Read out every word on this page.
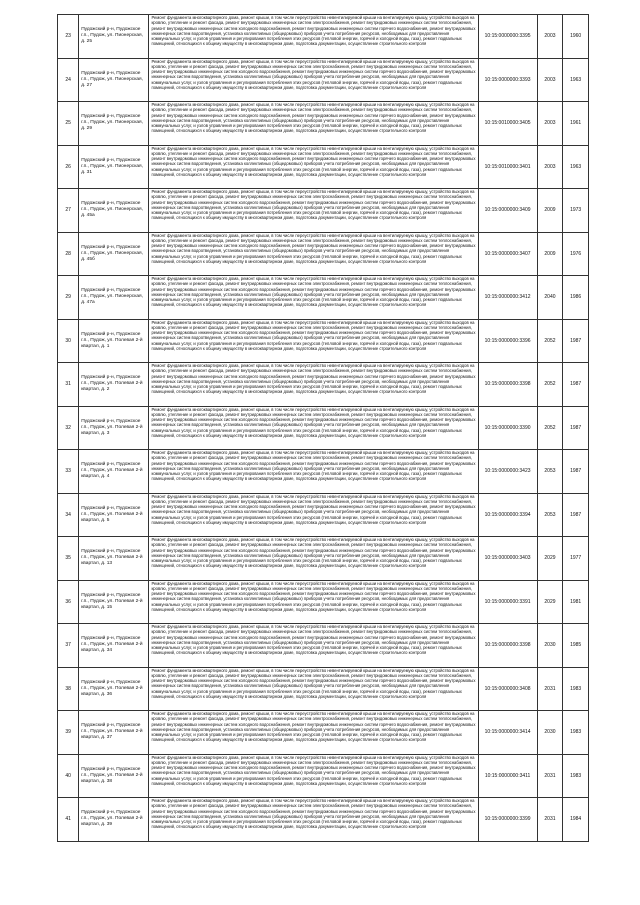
23	Пудожский р-н, Пудожское г.п., Пудож, ул. Пионерская, д. 25	Ремонт фундамента многоквартирного дома, ремонт крыши, в том числе переустройство невентилируемой крыши на вентилируемую крышу, устройство выходов на кровлю, утепление и ремонт фасада, ремонт внутридомовых инженерных систем электроснабжения, ремонт внутридомовых инженерных систем теплоснабжения, ремонт внутридомовых инженерных систем холодного водоснабжения, ремонт внутридомовых инженерных систем горячего водоснабжения, ремонт внутридомовых инженерных систем водоотведения, установка коллективных (общедомовых) приборов учета потребления ресурсов, необходимых для предоставления коммунальных услуг, и узлов управления и регулирования потребления этих ресурсов (тепловой энергии, горячей и холодной воды, газа), ремонт подвальных помещений, относящихся к общему имуществу в многоквартирном доме, подготовка документации, осуществление строительного контроля	10:15:0000000:3395	2003	1960
24	Пудожский р-н, Пудожское г.п., Пудож, ул. Пионерская, д. 27	Ремонт фундамента многоквартирного дома, ремонт крыши, в том числе переустройство невентилируемой крыши на вентилируемую крышу, устройство выходов на кровлю, утепление и ремонт фасада, ремонт внутридомовых инженерных систем электроснабжения, ремонт внутридомовых инженерных систем теплоснабжения, ремонт внутридомовых инженерных систем холодного водоснабжения, ремонт внутридомовых инженерных систем горячего водоснабжения, ремонт внутридомовых инженерных систем водоотведения, установка коллективных (общедомовых) приборов учета потребления ресурсов, необходимых для предоставления коммунальных услуг, и узлов управления и регулирования потребления этих ресурсов (тепловой энергии, горячей и холодной воды, газа), ремонт подвальных помещений, относящихся к общему имуществу в многоквартирном доме, подготовка документации, осуществление строительного контроля	10:15:0000000:3393	2003	1963
25	Пудожский р-н, Пудожское г.п., Пудож, ул. Пионерская, д. 29	Ремонт фундамента многоквартирного дома, ремонт крыши, в том числе переустройство невентилируемой крыши на вентилируемую крышу, устройство выходов на кровлю, утепление и ремонт фасада, ремонт внутридомовых инженерных систем электроснабжения, ремонт внутридомовых инженерных систем теплоснабжения, ремонт внутридомовых инженерных систем холодного водоснабжения, ремонт внутридомовых инженерных систем горячего водоснабжения, ремонт внутридомовых инженерных систем водоотведения, установка коллективных (общедомовых) приборов учета потребления ресурсов, необходимых для предоставления коммунальных услуг, и узлов управления и регулирования потребления этих ресурсов (тепловой энергии, горячей и холодной воды, газа), ремонт подвальных помещений, относящихся к общему имуществу в многоквартирном доме, подготовка документации, осуществление строительного контроля	10:15:0010000:3405	2003	1961
26	Пудожский р-н, Пудожское г.п., Пудож, ул. Пионерская, д. 31	Ремонт фундамента многоквартирного дома, ремонт крыши, в том числе переустройство невентилируемой крыши на вентилируемую крышу, устройство выходов на кровлю, утепление и ремонт фасада, ремонт внутридомовых инженерных систем электроснабжения, ремонт внутридомовых инженерных систем теплоснабжения, ремонт внутридомовых инженерных систем холодного водоснабжения, ремонт внутридомовых инженерных систем горячего водоснабжения, ремонт внутридомовых инженерных систем водоотведения, установка коллективных (общедомовых) приборов учета потребления ресурсов, необходимых для предоставления коммунальных услуг, и узлов управления и регулирования потребления этих ресурсов (тепловой энергии, горячей и холодной воды, газа), ремонт подвальных помещений, относящихся к общему имуществу в многоквартирном доме, подготовка документации, осуществление строительного контроля	10:15:0010000:3401	2003	1963
27	Пудожский р-н, Пудожское г.п., Пудож, ул. Пионерская, д. 45а	Ремонт фундамента многоквартирного дома, ремонт крыши, в том числе переустройство невентилируемой крыши на вентилируемую крышу, устройство выходов на кровлю, утепление и ремонт фасада, ремонт внутридомовых инженерных систем электроснабжения, ремонт внутридомовых инженерных систем теплоснабжения, ремонт внутридомовых инженерных систем холодного водоснабжения, ремонт внутридомовых инженерных систем горячего водоснабжения, ремонт внутридомовых инженерных систем водоотведения, установка коллективных (общедомовых) приборов учета потребления ресурсов, необходимых для предоставления коммунальных услуг, и узлов управления и регулирования потребления этих ресурсов (тепловой энергии, горячей и холодной воды, газа), ремонт подвальных помещений, относящихся к общему имуществу в многоквартирном доме, подготовка документации, осуществление строительного контроля	10:15:0000000:3409	2009	1973
28	Пудожский р-н, Пудожское г.п., Пудож, ул. Пионерская, д. 45б	Ремонт фундамента многоквартирного дома, ремонт крыши, в том числе переустройство невентилируемой крыши на вентилируемую крышу, устройство выходов на кровлю, утепление и ремонт фасада, ремонт внутридомовых инженерных систем электроснабжения, ремонт внутридомовых инженерных систем теплоснабжения, ремонт внутридомовых инженерных систем холодного водоснабжения, ремонт внутридомовых инженерных систем горячего водоснабжения, ремонт внутридомовых инженерных систем водоотведения, установка коллективных (общедомовых) приборов учета потребления ресурсов, необходимых для предоставления коммунальных услуг, и узлов управления и регулирования потребления этих ресурсов (тепловой энергии, горячей и холодной воды, газа), ремонт подвальных помещений, относящихся к общему имуществу в многоквартирном доме, подготовка документации, осуществление строительного контроля	10:15:0000000:3407	2009	1976
29	Пудожский р-н, Пудожское г.п., Пудож, ул. Пионерская, д. 47а	Ремонт фундамента многоквартирного дома, ремонт крыши, в том числе переустройство невентилируемой крыши на вентилируемую крышу, устройство выходов на кровлю, утепление и ремонт фасада, ремонт внутридомовых инженерных систем электроснабжения, ремонт внутридомовых инженерных систем теплоснабжения, ремонт внутридомовых инженерных систем холодного водоснабжения, ремонт внутридомовых инженерных систем горячего водоснабжения, ремонт внутридомовых инженерных систем водоотведения, установка коллективных (общедомовых) приборов учета потребления ресурсов, необходимых для предоставления коммунальных услуг, и узлов управления и регулирования потребления этих ресурсов (тепловой энергии, горячей и холодной воды, газа), ремонт подвальных помещений, относящихся к общему имуществу в многоквартирном доме, подготовка документации, осуществление строительного контроля	10:15:0000000:3412	2040	1986
30	Пудожский р-н, Пудожское г.п., Пудож, ул. Полевая 2-й квартал, д. 1	Ремонт фундамента многоквартирного дома, ремонт крыши, в том числе переустройство невентилируемой крыши на вентилируемую крышу, устройство выходов на кровлю, утепление и ремонт фасада, ремонт внутридомовых инженерных систем электроснабжения, ремонт внутридомовых инженерных систем теплоснабжения, ремонт внутридомовых инженерных систем холодного водоснабжения, ремонт внутридомовых инженерных систем горячего водоснабжения, ремонт внутридомовых инженерных систем водоотведения, установка коллективных (общедомовых) приборов учета потребления ресурсов, необходимых для предоставления коммунальных услуг, и узлов управления и регулирования потребления этих ресурсов (тепловой энергии, горячей и холодной воды, газа), ремонт подвальных помещений, относящихся к общему имуществу в многоквартирном доме, подготовка документации, осуществление строительного контроля	10:15:0000000:3396	2052	1987
31	Пудожский р-н, Пудожское г.п., Пудож, ул. Полевая 2-й квартал, д. 2	Ремонт фундамента многоквартирного дома, ремонт крыши, в том числе переустройство невентилируемой крыши на вентилируемую крышу, устройство выходов на кровлю, утепление и ремонт фасада, ремонт внутридомовых инженерных систем электроснабжения, ремонт внутридомовых инженерных систем теплоснабжения, ремонт внутридомовых инженерных систем холодного водоснабжения, ремонт внутридомовых инженерных систем горячего водоснабжения, ремонт внутридомовых инженерных систем водоотведения, установка коллективных (общедомовых) приборов учета потребления ресурсов, необходимых для предоставления коммунальных услуг, и узлов управления и регулирования потребления этих ресурсов (тепловой энергии, горячей и холодной воды, газа), ремонт подвальных помещений, относящихся к общему имуществу в многоквартирном доме, подготовка документации, осуществление строительного контроля	10:15:0000000:3398	2052	1987
32	Пудожский р-н, Пудожское г.п., Пудож, ул. Полевая 2-й квартал, д. 3	Ремонт фундамента многоквартирного дома, ремонт крыши, в том числе переустройство невентилируемой крыши на вентилируемую крышу, устройство выходов на кровлю, утепление и ремонт фасада, ремонт внутридомовых инженерных систем электроснабжения, ремонт внутридомовых инженерных систем теплоснабжения, ремонт внутридомовых инженерных систем холодного водоснабжения, ремонт внутридомовых инженерных систем горячего водоснабжения, ремонт внутридомовых инженерных систем водоотведения, установка коллективных (общедомовых) приборов учета потребления ресурсов, необходимых для предоставления коммунальных услуг, и узлов управления и регулирования потребления этих ресурсов (тепловой энергии, горячей и холодной воды, газа), ремонт подвальных помещений, относящихся к общему имуществу в многоквартирном доме, подготовка документации, осуществление строительного контроля	10:15:0000000:3390	2052	1987
33	Пудожский р-н, Пудожское г.п., Пудож, ул. Полевая 2-й квартал, д. 4	Ремонт фундамента многоквартирного дома, ремонт крыши, в том числе переустройство невентилируемой крыши на вентилируемую крышу, устройство выходов на кровлю, утепление и ремонт фасада, ремонт внутридомовых инженерных систем электроснабжения, ремонт внутридомовых инженерных систем теплоснабжения, ремонт внутридомовых инженерных систем холодного водоснабжения, ремонт внутридомовых инженерных систем горячего водоснабжения, ремонт внутридомовых инженерных систем водоотведения, установка коллективных (общедомовых) приборов учета потребления ресурсов, необходимых для предоставления коммунальных услуг, и узлов управления и регулирования потребления этих ресурсов (тепловой энергии, горячей и холодной воды, газа), ремонт подвальных помещений, относящихся к общему имуществу в многоквартирном доме, подготовка документации, осуществление строительного контроля	10:15:0000000:3423	2053	1987
34	Пудожский р-н, Пудожское г.п., Пудож, ул. Полевая 2-й квартал, д. 5	Ремонт фундамента многоквартирного дома, ремонт крыши, в том числе переустройство невентилируемой крыши на вентилируемую крышу, устройство выходов на кровлю, утепление и ремонт фасада, ремонт внутридомовых инженерных систем электроснабжения, ремонт внутридомовых инженерных систем теплоснабжения, ремонт внутридомовых инженерных систем холодного водоснабжения, ремонт внутридомовых инженерных систем горячего водоснабжения, ремонт внутридомовых инженерных систем водоотведения, установка коллективных (общедомовых) приборов учета потребления ресурсов, необходимых для предоставления коммунальных услуг, и узлов управления и регулирования потребления этих ресурсов (тепловой энергии, горячей и холодной воды, газа), ремонт подвальных помещений, относящихся к общему имуществу в многоквартирном доме, подготовка документации, осуществление строительного контроля	10:15:0000000:3394	2053	1987
35	Пудожский р-н, Пудожское г.п., Пудож, ул. Полевая 2-й квартал, д. 13	Ремонт фундамента многоквартирного дома, ремонт крыши, в том числе переустройство невентилируемой крыши на вентилируемую крышу, устройство выходов на кровлю, утепление и ремонт фасада, ремонт внутридомовых инженерных систем электроснабжения, ремонт внутридомовых инженерных систем теплоснабжения, ремонт внутридомовых инженерных систем холодного водоснабжения, ремонт внутридомовых инженерных систем горячего водоснабжения, ремонт внутридомовых инженерных систем водоотведения, установка коллективных (общедомовых) приборов учета потребления ресурсов, необходимых для предоставления коммунальных услуг, и узлов управления и регулирования потребления этих ресурсов (тепловой энергии, горячей и холодной воды, газа), ремонт подвальных помещений, относящихся к общему имуществу в многоквартирном доме, подготовка документации, осуществление строительного контроля	10:15:0000000:3403	2029	1977
36	Пудожский р-н, Пудожское г.п., Пудож, ул. Полевая 2-й квартал, д. 15	Ремонт фундамента многоквартирного дома, ремонт крыши, в том числе переустройство невентилируемой крыши на вентилируемую крышу, устройство выходов на кровлю, утепление и ремонт фасада, ремонт внутридомовых инженерных систем электроснабжения, ремонт внутридомовых инженерных систем теплоснабжения, ремонт внутридомовых инженерных систем холодного водоснабжения, ремонт внутридомовых инженерных систем горячего водоснабжения, ремонт внутридомовых инженерных систем водоотведения, установка коллективных (общедомовых) приборов учета потребления ресурсов, необходимых для предоставления коммунальных услуг, и узлов управления и регулирования потребления этих ресурсов (тепловой энергии, горячей и холодной воды, газа), ремонт подвальных помещений, относящихся к общему имуществу в многоквартирном доме, подготовка документации, осуществление строительного контроля	10:15:0000000:3391	2029	1981
37	Пудожский р-н, Пудожское г.п., Пудож, ул. Полевая 2-й квартал, д. 34	Ремонт фундамента многоквартирного дома, ремонт крыши, в том числе переустройство невентилируемой крыши на вентилируемую крышу, устройство выходов на кровлю, утепление и ремонт фасада, ремонт внутридомовых инженерных систем электроснабжения, ремонт внутридомовых инженерных систем теплоснабжения, ремонт внутридомовых инженерных систем холодного водоснабжения, ремонт внутридомовых инженерных систем горячего водоснабжения, ремонт внутридомовых инженерных систем водоотведения, установка коллективных (общедомовых) приборов учета потребления ресурсов, необходимых для предоставления коммунальных услуг, и узлов управления и регулирования потребления этих ресурсов (тепловой энергии, горячей и холодной воды, газа), ремонт подвальных помещений, относящихся к общему имуществу в многоквартирном доме, подготовка документации, осуществление строительного контроля	10:15:0000000:3398	2030	1985
38	Пудожский р-н, Пудожское г.п., Пудож, ул. Полевая 2-й квартал, д. 36	Ремонт фундамента многоквартирного дома, ремонт крыши, в том числе переустройство невентилируемой крыши на вентилируемую крышу, устройство выходов на кровлю, утепление и ремонт фасада, ремонт внутридомовых инженерных систем электроснабжения, ремонт внутридомовых инженерных систем теплоснабжения, ремонт внутридомовых инженерных систем холодного водоснабжения, ремонт внутридомовых инженерных систем горячего водоснабжения, ремонт внутридомовых инженерных систем водоотведения, установка коллективных (общедомовых) приборов учета потребления ресурсов, необходимых для предоставления коммунальных услуг, и узлов управления и регулирования потребления этих ресурсов (тепловой энергии, горячей и холодной воды, газа), ремонт подвальных помещений, относящихся к общему имуществу в многоквартирном доме, подготовка документации, осуществление строительного контроля	10:15:0000000:3408	2031	1983
39	Пудожский р-н, Пудожское г.п., Пудож, ул. Полевая 2-й квартал, д. 37	Ремонт фундамента многоквартирного дома, ремонт крыши, в том числе переустройство невентилируемой крыши на вентилируемую крышу, устройство выходов на кровлю, утепление и ремонт фасада, ремонт внутридомовых инженерных систем электроснабжения, ремонт внутридомовых инженерных систем теплоснабжения, ремонт внутридомовых инженерных систем холодного водоснабжения, ремонт внутридомовых инженерных систем горячего водоснабжения, ремонт внутридомовых инженерных систем водоотведения, установка коллективных (общедомовых) приборов учета потребления ресурсов, необходимых для предоставления коммунальных услуг, и узлов управления и регулирования потребления этих ресурсов (тепловой энергии, горячей и холодной воды, газа), ремонт подвальных помещений, относящихся к общему имуществу в многоквартирном доме, подготовка документации, осуществление строительного контроля	10:15:0000000:3414	2030	1983
40	Пудожский р-н, Пудожское г.п., Пудож, ул. Полевая 2-й квартал, д. 38	Ремонт фундамента многоквартирного дома, ремонт крыши, в том числе переустройство невентилируемой крыши на вентилируемую крышу, устройство выходов на кровлю, утепление и ремонт фасада, ремонт внутридомовых инженерных систем электроснабжения, ремонт внутридомовых инженерных систем теплоснабжения, ремонт внутридомовых инженерных систем холодного водоснабжения, ремонт внутридомовых инженерных систем горячего водоснабжения, ремонт внутридомовых инженерных систем водоотведения, установка коллективных (общедомовых) приборов учета потребления ресурсов, необходимых для предоставления коммунальных услуг, и узлов управления и регулирования потребления этих ресурсов (тепловой энергии, горячей и холодной воды, газа), ремонт подвальных помещений, относящихся к общему имуществу в многоквартирном доме, подготовка документации, осуществление строительного контроля	10:15:0000000:3411	2031	1983
41	Пудожский р-н, Пудожское г.п., Пудож, ул. Полевая 2-й квартал, д. 39	Ремонт фундамента многоквартирного дома, ремонт крыши, в том числе переустройство невентилируемой крыши на вентилируемую крышу, устройство выходов на кровлю, утепление и ремонт фасада, ремонт внутридомовых инженерных систем электроснабжения, ремонт внутридомовых инженерных систем теплоснабжения, ремонт внутридомовых инженерных систем холодного водоснабжения, ремонт внутридомовых инженерных систем горячего водоснабжения, ремонт внутридомовых инженерных систем водоотведения, установка коллективных (общедомовых) приборов учета потребления ресурсов, необходимых для предоставления коммунальных услуг, и узлов управления и регулирования потребления этих ресурсов (тепловой энергии, горячей и холодной воды, газа), ремонт подвальных помещений, относящихся к общему имуществу в многоквартирном доме, подготовка документации, осуществление строительного контроля	10:15:0000000:3399	2031	1984
